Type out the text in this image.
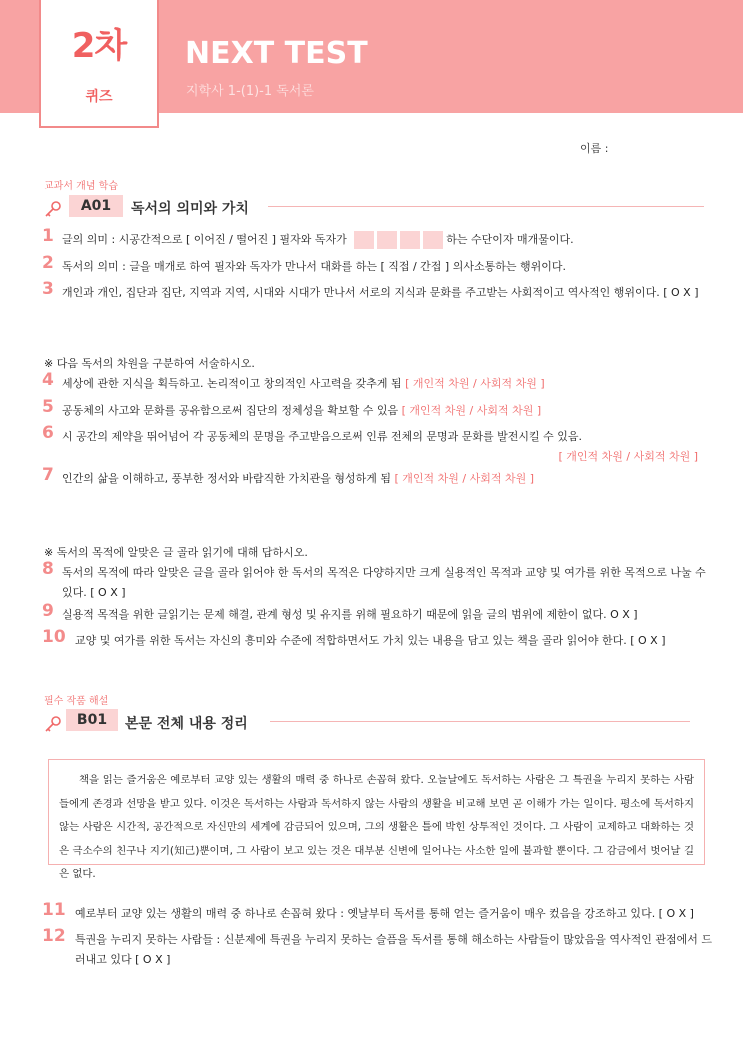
2차
퀴즈
NEXT TEST
지학사 1-(1)-1 독서론
이름 :
교과서 개념 학습
A01	독서의 의미와 가치
1 글의 의미 : 시공간적으로 [ 이어진 / 떨어진 ] 필자와 독자가	하는 수단이자 매개물이다.
2 독서의 의미 : 글을 매개로 하여 필자와 독자가 만나서 대화를 하는 [ 직접 / 간접 ] 의사소통하는 행위이다.
3 개인과 개인, 집단과 집단, 지역과 지역, 시대와 시대가 만나서 서로의 지식과 문화를 주고받는 사회적이고 역사적인 행위이다. [ O X ]
※ 다음 독서의 차원을 구분하여 서술하시오.
4 세상에 관한 지식을 획득하고. 논리적이고 창의적인 사고력을 갖추게 됨 [ 개인적 차원 / 사회적 차원 ]
5 공동체의 사고와 문화를 공유함으로써 집단의 정체성을 확보할 수 있음 [ 개인적 차원 / 사회적 차원 ]
6 시 공간의 제약을 뛰어넘어 각 공동체의 문명을 주고받음으로써 인류 전체의 문명과 문화를 발전시킬 수 있음.
[ 개인적 차원 / 사회적 차원 ]
7 인간의 삶을 이해하고, 풍부한 정서와 바람직한 가치관을 형성하게 됨 [ 개인적 차원 / 사회적 차원 ]
※ 독서의 목적에 알맞은 글 골라 읽기에 대해 답하시오.
8 독서의 목적에 따라 알맞은 글을 골라 읽어야 한 독서의 목적은 다양하지만 크게 실용적인 목적과 교양 및 여가를 위한 목적으로 나눌 수 있다. [ O X ]
9 실용적 목적을 위한 글읽기는 문제 해결, 관계 형성 및 유지를 위해 필요하기 때문에 읽을 글의 범위에 제한이 없다. O X ]
10 교양 및 여가를 위한 독서는 자신의 흥미와 수준에 적합하면서도 가치 있는 내용을 담고 있는 책을 골라 읽어야 한다. [ O X ]
필수 작품 해설
B01	본문 전체 내용 정리
책을 읽는 즐거움은 예로부터 교양 있는 생활의 매력 중 하나로 손꼽혀 왔다. 오늘날에도 독서하는 사람은 그 특권을 누리지 못하는 사람들에게 존경과 선망을 받고 있다. 이것은 독서하는 사람과 독서하지 않는 사람의 생활을 비교해 보면 곧 이해가 가는 일이다. 평소에 독서하지 않는 사람은 시간적, 공간적으로 자신만의 세계에 감금되어 있으며, 그의 생활은 틀에 박힌 상투적인 것이다. 그 사람이 교제하고 대화하는 것은 극소수의 친구나 지기(知己)뿐이며, 그 사람이 보고 있는 것은 대부분 신변에 일어나는 사소한 일에 불과할 뿐이다. 그 감금에서 벗어날 길은 없다.
11 예로부터 교양 있는 생활의 매력 중 하나로 손꼽혀 왔다 : 옛날부터 독서를 통해 얻는 즐거움이 매우 컸음을 강조하고 있다. [ O X ]
12 특권을 누리지 못하는 사람들 : 신분제에 특권을 누리지 못하는 슬픔을 독서를 통해 해소하는 사람들이 많았음을 역사적인 관점에서 드러내고 있다 [ O X ]
